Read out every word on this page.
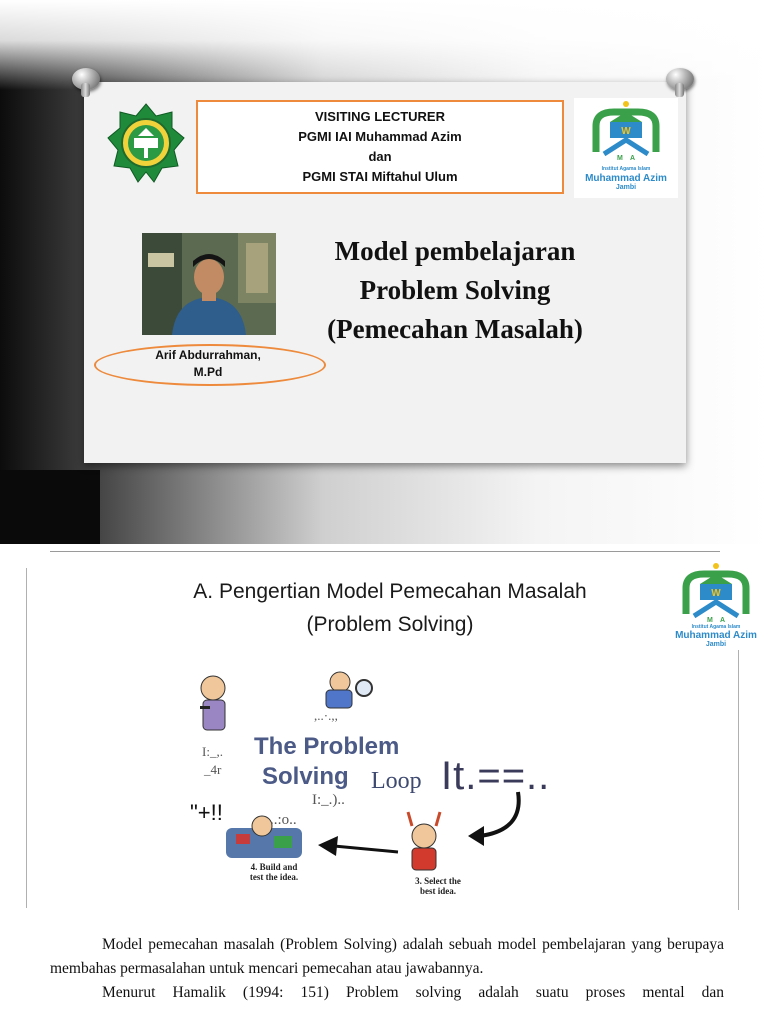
VISITING LECTURER
PGMI IAI Muhammad Azim
dan
PGMI STAI Miftahul Ulum
W
M A
Institut Agama Islam
Muhammad Azim
Jambi
Model pembelajaran
Problem Solving
(Pemecahan Masalah)
Arif Abdurrahman,
M.Pd
A. Pengertian Model Pemecahan Masalah
(Problem Solving)
W
M A
Institut Agama Islam
Muhammad Azim
Jambi
The Problem
Solving Loop It.==..
,..·.,,
I:_,.
_4r
"+!!	I:_.)..
..:o..
4. Build and
test the idea.	3. Select the
best idea.

Model pemecahan masalah (Problem Solving) adalah sebuah model pembelajaran yang berupaya membahas permasalahan untuk mencari pemecahan atau jawabannya.

Menurut Hamalik (1994: 151) Problem solving adalah suatu proses mental dan
